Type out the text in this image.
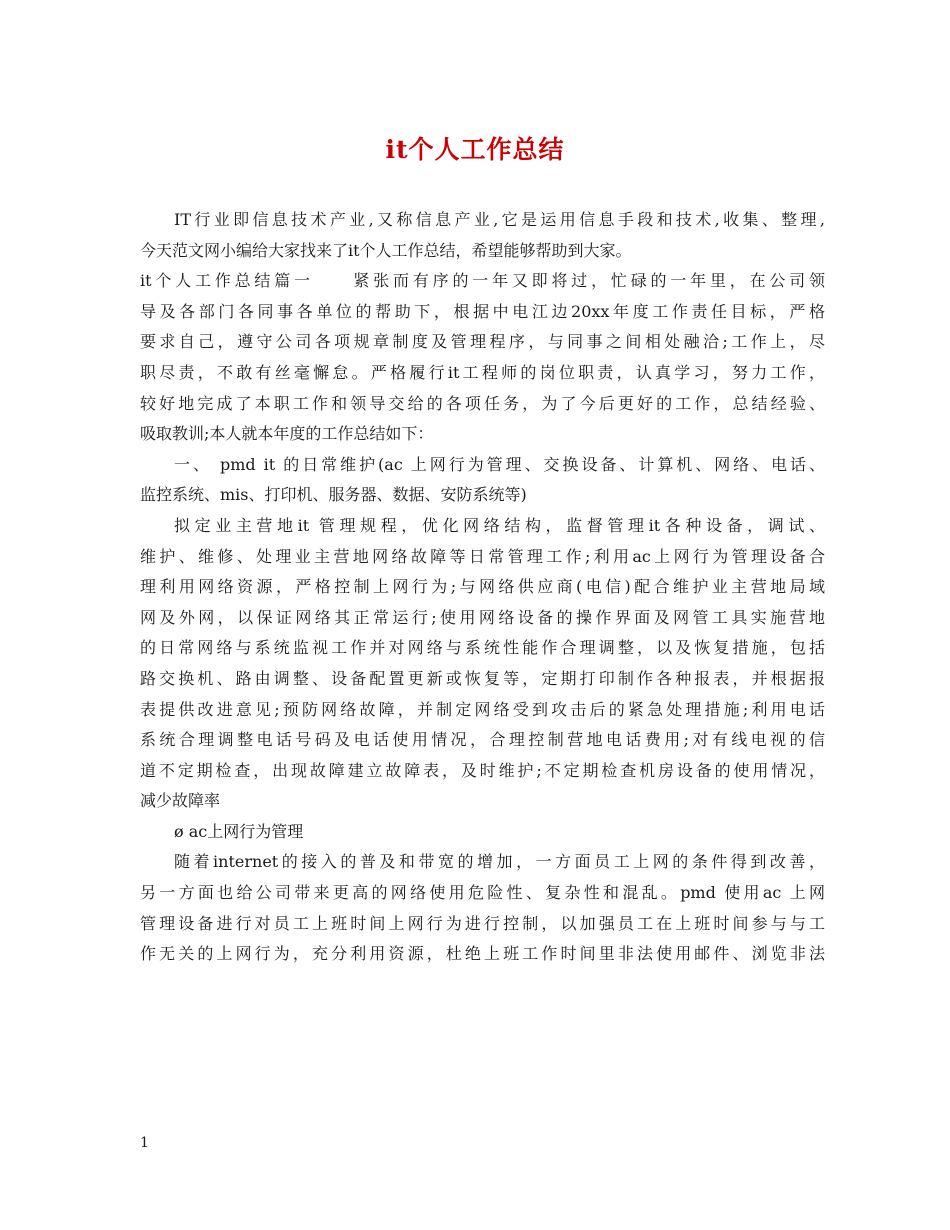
it个人工作总结
IT行业即信息技术产业,又称信息产业,它是运用信息手段和技术,收集、整理,
今天范文网小编给大家找来了it个人工作总结，希望能够帮助到大家。
it个人工作总结篇一　　紧张而有序的一年又即将过，忙碌的一年里，在公司领
导及各部门各同事各单位的帮助下，根据中电江边20xx年度工作责任目标，严格
要求自己，遵守公司各项规章制度及管理程序，与同事之间相处融洽;工作上，尽
职尽责，不敢有丝毫懈怠。严格履行it工程师的岗位职责，认真学习，努力工作，
较好地完成了本职工作和领导交给的各项任务，为了今后更好的工作，总结经验、
吸取教训;本人就本年度的工作总结如下：
一、 pmd it 的日常维护(ac 上网行为管理、交换设备、计算机、网络、电话、
监控系统、mis、打印机、服务器、数据、安防系统等)
拟定业主营地it 管理规程，优化网络结构，监督管理it各种设备，调试、
维护、维修、处理业主营地网络故障等日常管理工作;利用ac上网行为管理设备合
理利用网络资源，严格控制上网行为;与网络供应商(电信)配合维护业主营地局域
网及外网，以保证网络其正常运行;使用网络设备的操作界面及网管工具实施营地
的日常网络与系统监视工作并对网络与系统性能作合理调整，以及恢复措施，包括
路交换机、路由调整、设备配置更新或恢复等，定期打印制作各种报表，并根据报
表提供改进意见;预防网络故障，并制定网络受到攻击后的紧急处理措施;利用电话
系统合理调整电话号码及电话使用情况，合理控制营地电话费用;对有线电视的信
道不定期检查，出现故障建立故障表，及时维护;不定期检查机房设备的使用情况，
减少故障率
ø ac上网行为管理
随着internet的接入的普及和带宽的增加，一方面员工上网的条件得到改善，
另一方面也给公司带来更高的网络使用危险性、复杂性和混乱。pmd 使用ac 上网
管理设备进行对员工上班时间上网行为进行控制，以加强员工在上班时间参与与工
作无关的上网行为，充分利用资源，杜绝上班工作时间里非法使用邮件、浏览非法
1
